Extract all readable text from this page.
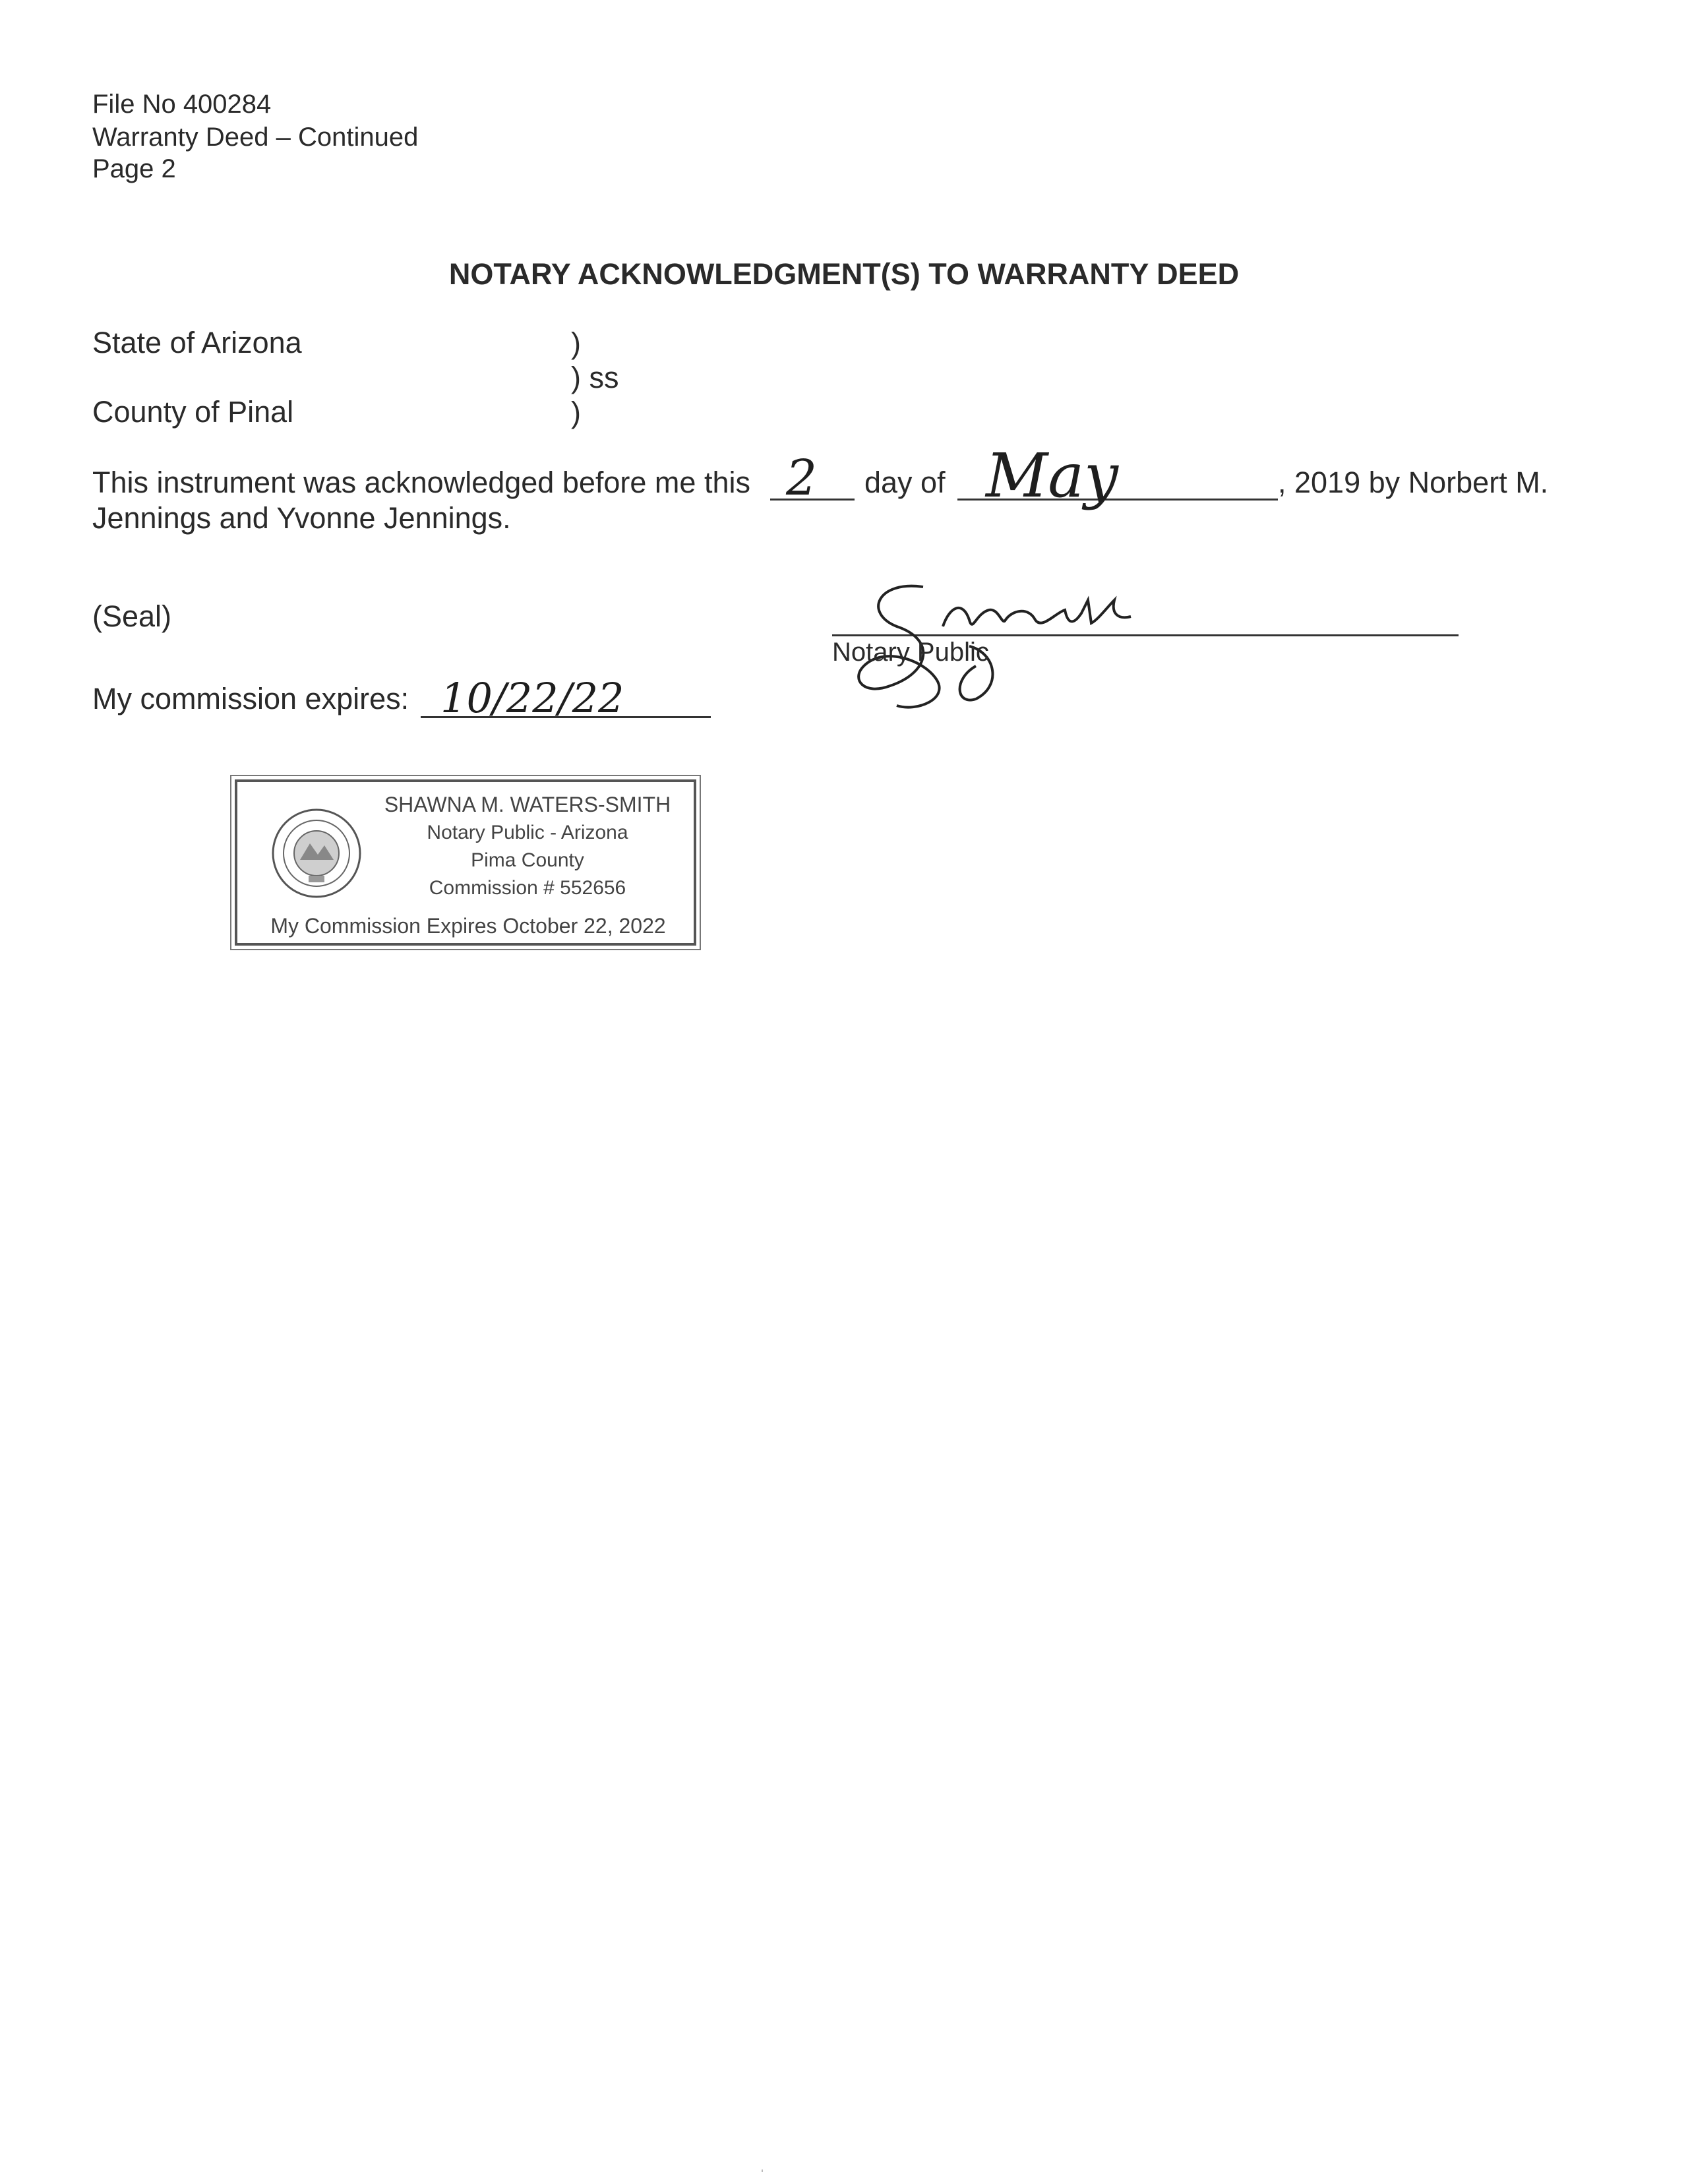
File No 400284
Warranty Deed – Continued
Page 2
NOTARY ACKNOWLEDGMENT(S) TO WARRANTY DEED
State of Arizona	)
) ss
)
County of Pinal
This instrument was acknowledged before me this 2 day of May	, 2019 by Norbert M.
Jennings and Yvonne Jennings.
(Seal)
Notary Public
My commission expires: 10/22/22
SHAWNA M. WATERS-SMITH
Notary Public - Arizona
Pima County
Commission # 552656
My Commission Expires October 22, 2022
